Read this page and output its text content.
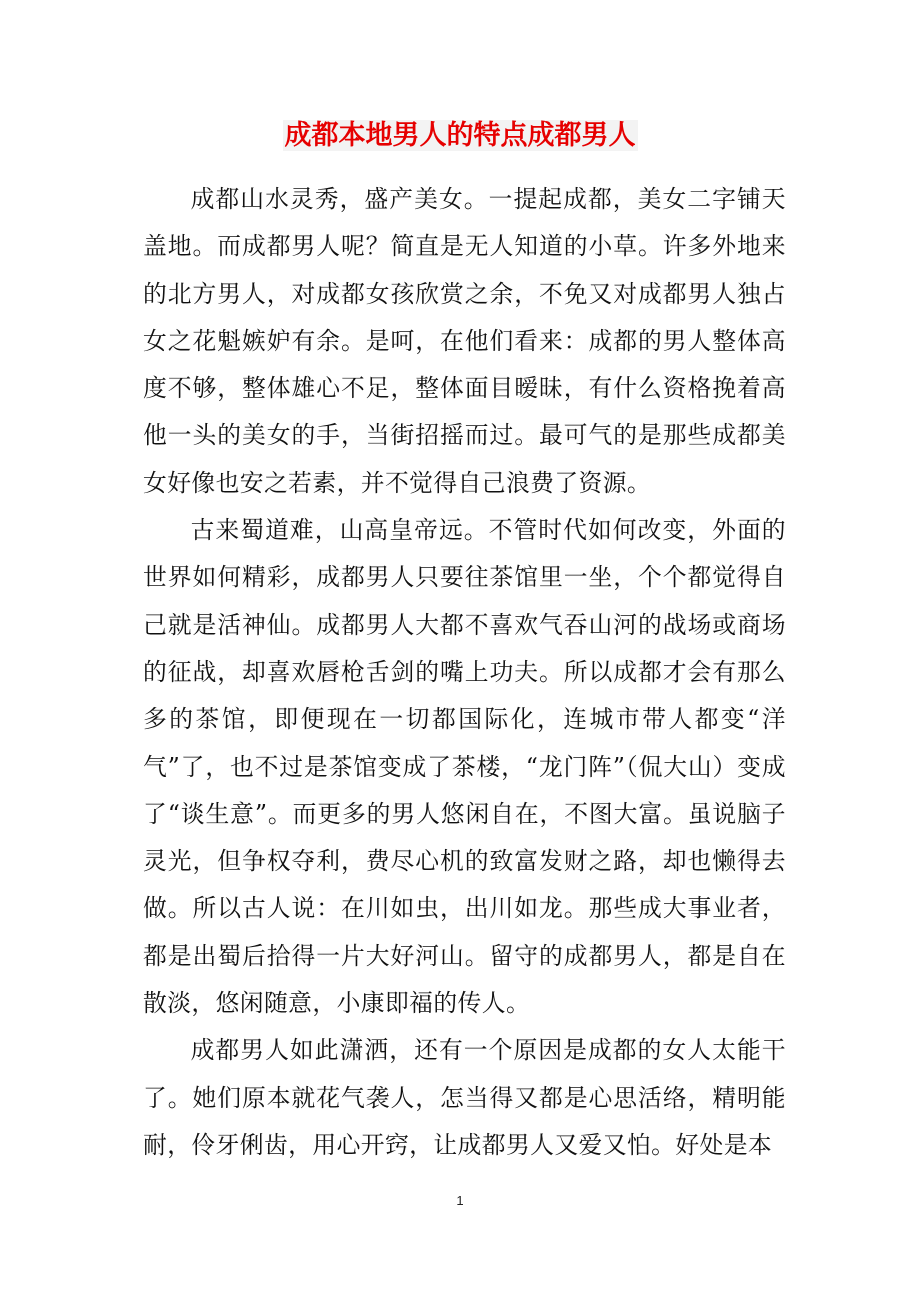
成都本地男人的特点成都男人

成都山水灵秀，盛产美女。一提起成都，美女二字铺天盖地。而成都男人呢？简直是无人知道的小草。许多外地来的北方男人，对成都女孩欣赏之余，不免又对成都男人独占女之花魁嫉妒有余。是呵，在他们看来：成都的男人整体高度不够，整体雄心不足，整体面目暧昧，有什么资格挽着高他一头的美女的手，当街招摇而过。最可气的是那些成都美女好像也安之若素，并不觉得自己浪费了资源。

古来蜀道难，山高皇帝远。不管时代如何改变，外面的世界如何精彩，成都男人只要往茶馆里一坐，个个都觉得自己就是活神仙。成都男人大都不喜欢气吞山河的战场或商场的征战，却喜欢唇枪舌剑的嘴上功夫。所以成都才会有那么多的茶馆，即便现在一切都国际化，连城市带人都变“洋气”了，也不过是茶馆变成了茶楼，“龙门阵”（侃大山）变成了“谈生意”。而更多的男人悠闲自在，不图大富。虽说脑子灵光，但争权夺利，费尽心机的致富发财之路，却也懒得去做。所以古人说：在川如虫，出川如龙。那些成大事业者，都是出蜀后拾得一片大好河山。留守的成都男人，都是自在散淡，悠闲随意，小康即福的传人。

成都男人如此潇洒，还有一个原因是成都的女人太能干了。她们原本就花气袭人，怎当得又都是心思活络，精明能耐，伶牙俐齿，用心开窍，让成都男人又爱又怕。好处是本

1
